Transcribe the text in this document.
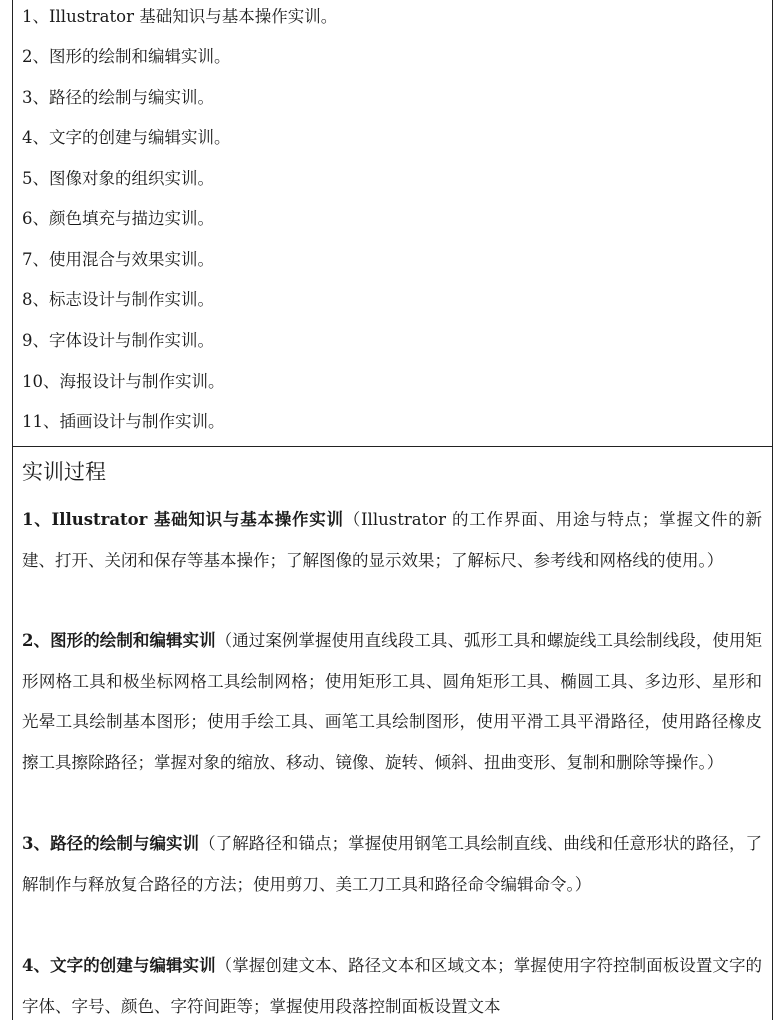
1、Illustrator 基础知识与基本操作实训。
2、图形的绘制和编辑实训。
3、路径的绘制与编实训。
4、文字的创建与编辑实训。
5、图像对象的组织实训。
6、颜色填充与描边实训。
7、使用混合与效果实训。
8、标志设计与制作实训。
9、字体设计与制作实训。
10、海报设计与制作实训。
11、插画设计与制作实训。
实训过程
1、Illustrator 基础知识与基本操作实训（Illustrator 的工作界面、用途与特点；掌握文件的新建、打开、关闭和保存等基本操作；了解图像的显示效果；了解标尺、参考线和网格线的使用。）
2、图形的绘制和编辑实训（通过案例掌握使用直线段工具、弧形工具和螺旋线工具绘制线段，使用矩形网格工具和极坐标网格工具绘制网格；使用矩形工具、圆角矩形工具、椭圆工具、多边形、星形和光晕工具绘制基本图形；使用手绘工具、画笔工具绘制图形，使用平滑工具平滑路径，使用路径橡皮擦工具擦除路径；掌握对象的缩放、移动、镜像、旋转、倾斜、扭曲变形、复制和删除等操作。）
3、路径的绘制与编实训（了解路径和锚点；掌握使用钢笔工具绘制直线、曲线和任意形状的路径，了解制作与释放复合路径的方法；使用剪刀、美工刀工具和路径命令编辑命令。）
4、文字的创建与编辑实训（掌握创建文本、路径文本和区域文本；掌握使用字符控制面板设置文字的字体、字号、颜色、字符间距等；掌握使用段落控制面板设置文本
